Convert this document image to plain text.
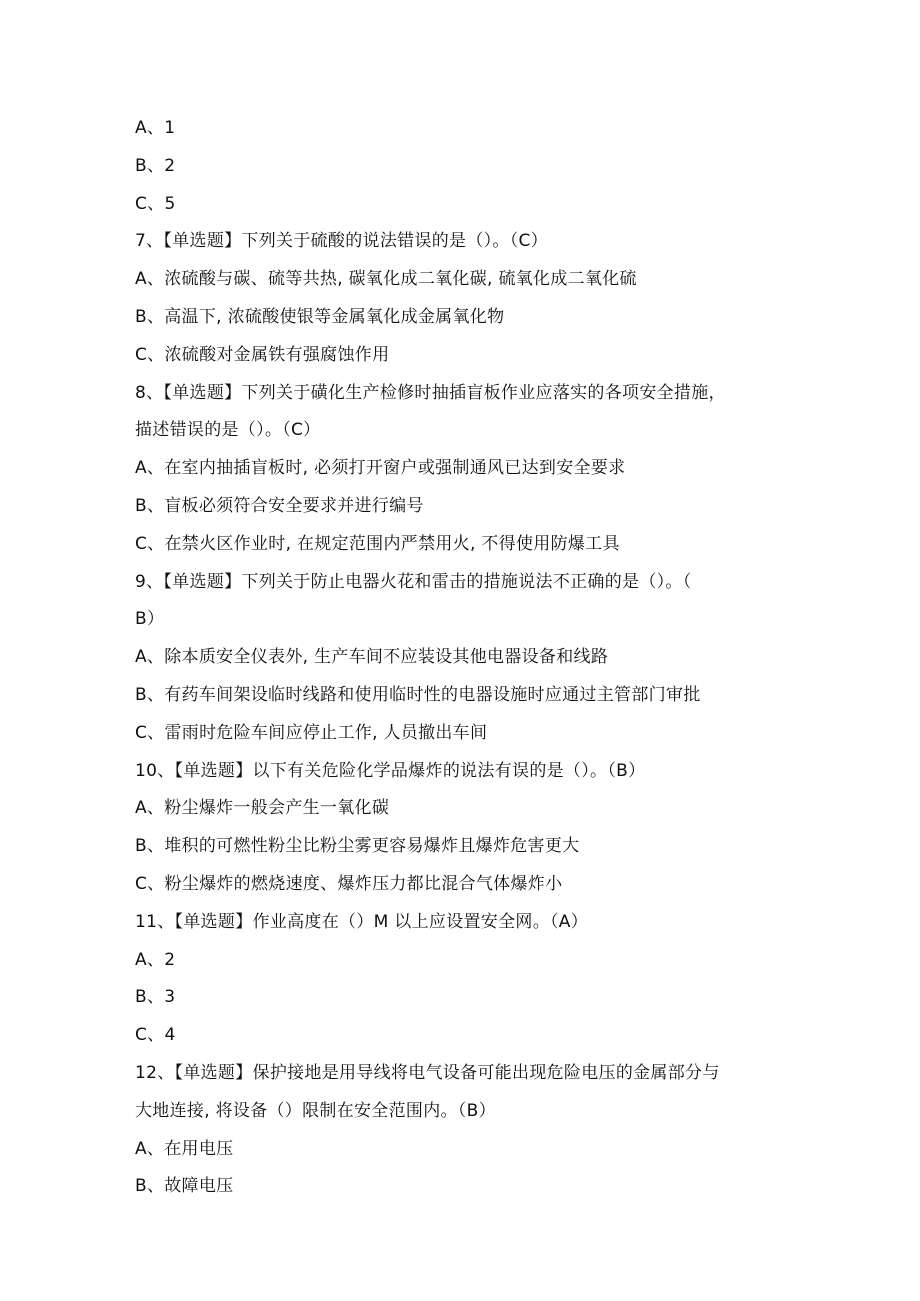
A、1
B、2
C、5
7、【单选题】下列关于硫酸的说法错误的是（）。（C）
A、浓硫酸与碳、硫等共热, 碳氧化成二氧化碳, 硫氧化成二氧化硫
B、高温下, 浓硫酸使银等金属氧化成金属氧化物
C、浓硫酸对金属铁有强腐蚀作用
8、【单选题】下列关于磺化生产检修时抽插盲板作业应落实的各项安全措施，
描述错误的是（）。（C）
A、在室内抽插盲板时, 必须打开窗户或强制通风已达到安全要求
B、盲板必须符合安全要求并进行编号
C、在禁火区作业时, 在规定范围内严禁用火, 不得使用防爆工具
9、【单选题】下列关于防止电器火花和雷击的措施说法不正确的是（）。（
B）
A、除本质安全仪表外, 生产车间不应装设其他电器设备和线路
B、有药车间架设临时线路和使用临时性的电器设施时应通过主管部门审批
C、雷雨时危险车间应停止工作, 人员撤出车间
10、【单选题】以下有关危险化学品爆炸的说法有误的是（）。（B）
A、粉尘爆炸一般会产生一氧化碳
B、堆积的可燃性粉尘比粉尘雾更容易爆炸且爆炸危害更大
C、粉尘爆炸的燃烧速度、爆炸压力都比混合气体爆炸小
11、【单选题】作业高度在（）M 以上应设置安全网。（A）
A、2
B、3
C、4
12、【单选题】保护接地是用导线将电气设备可能出现危险电压的金属部分与
大地连接, 将设备（）限制在安全范围内。（B）
A、在用电压
B、故障电压
